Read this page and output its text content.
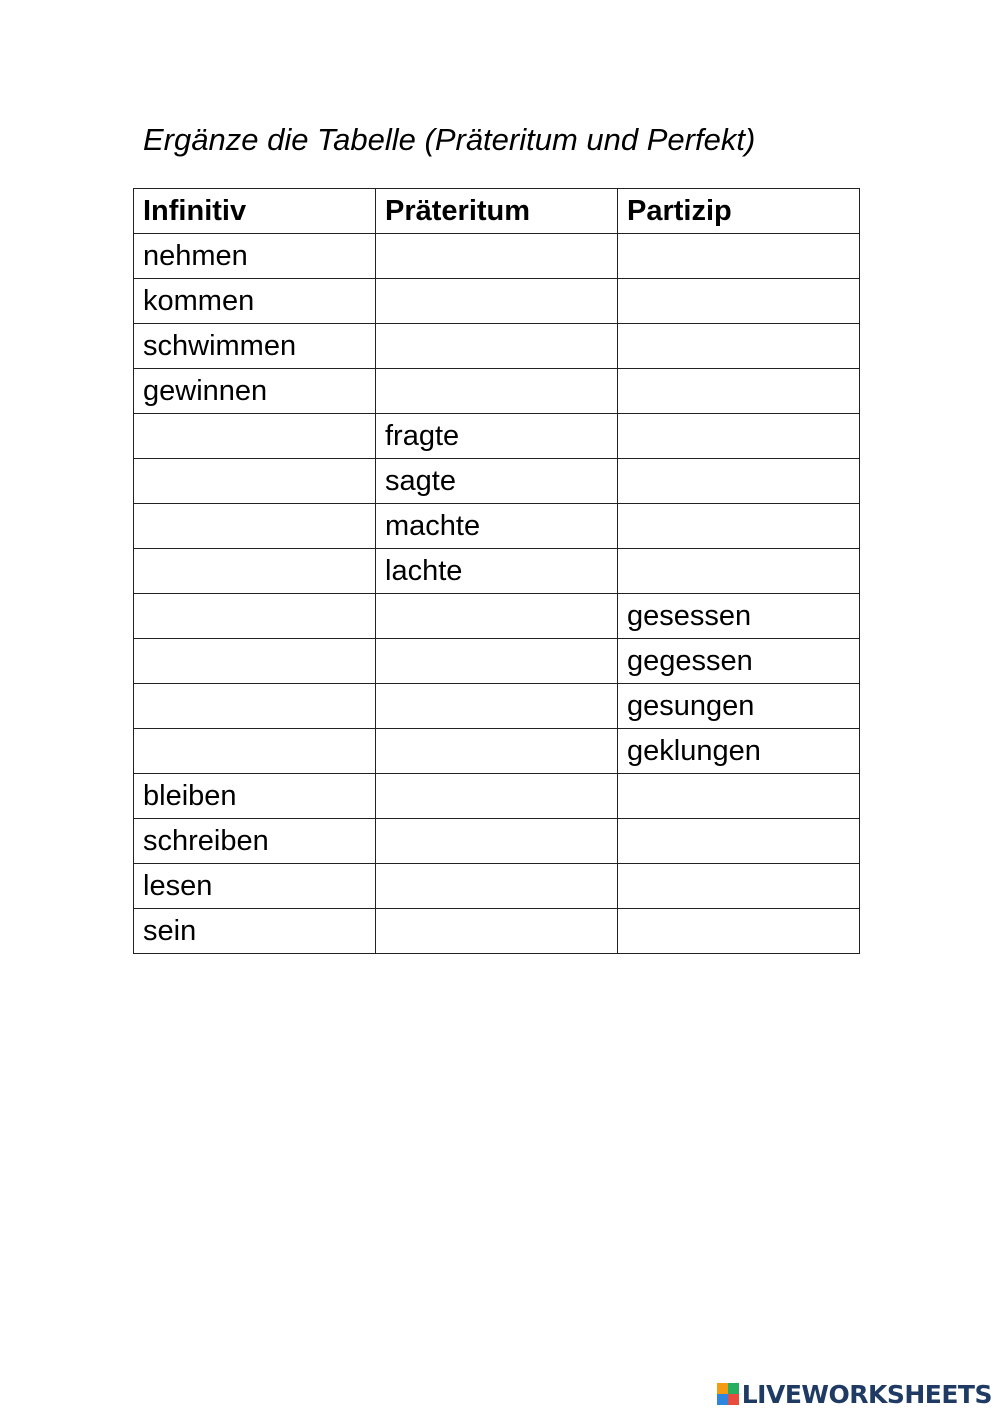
Ergänze die Tabelle (Präteritum und Perfekt)
Infinitiv	Präteritum	Partizip
nehmen		
kommen		
schwimmen		
gewinnen		
	fragte	
	sagte	
	machte	
	lachte	
		gesessen
		gegessen
		gesungen
		geklungen
bleiben		
schreiben		
lesen		
sein		
LIVEWORKSHEETS
